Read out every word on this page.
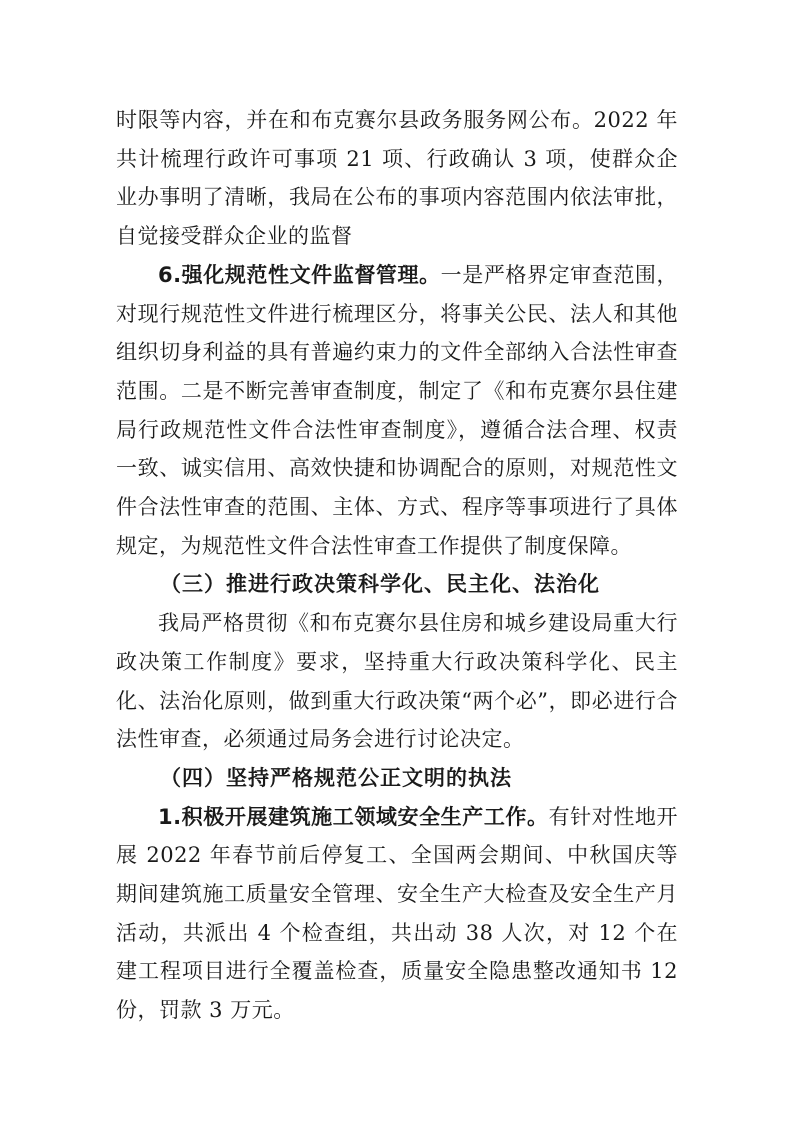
时限等内容，并在和布克赛尔县政务服务网公布。2022 年共计梳理行政许可事项 21 项、行政确认 3 项，使群众企业办事明了清晰，我局在公布的事项内容范围内依法审批，自觉接受群众企业的监督

6.强化规范性文件监督管理。一是严格界定审查范围，对现行规范性文件进行梳理区分，将事关公民、法人和其他组织切身利益的具有普遍约束力的文件全部纳入合法性审查范围。二是不断完善审查制度，制定了《和布克赛尔县住建局行政规范性文件合法性审查制度》，遵循合法合理、权责一致、诚实信用、高效快捷和协调配合的原则，对规范性文件合法性审查的范围、主体、方式、程序等事项进行了具体规定，为规范性文件合法性审查工作提供了制度保障。

（三）推进行政决策科学化、民主化、法治化

我局严格贯彻《和布克赛尔县住房和城乡建设局重大行政决策工作制度》要求，坚持重大行政决策科学化、民主化、法治化原则，做到重大行政决策“两个必”，即必进行合法性审查，必须通过局务会进行讨论决定。

（四）坚持严格规范公正文明的执法

1.积极开展建筑施工领域安全生产工作。有针对性地开展 2022 年春节前后停复工、全国两会期间、中秋国庆等期间建筑施工质量安全管理、安全生产大检查及安全生产月活动，共派出 4 个检查组，共出动 38 人次，对 12 个在建工程项目进行全覆盖检查，质量安全隐患整改通知书 12 份，罚款 3 万元。
